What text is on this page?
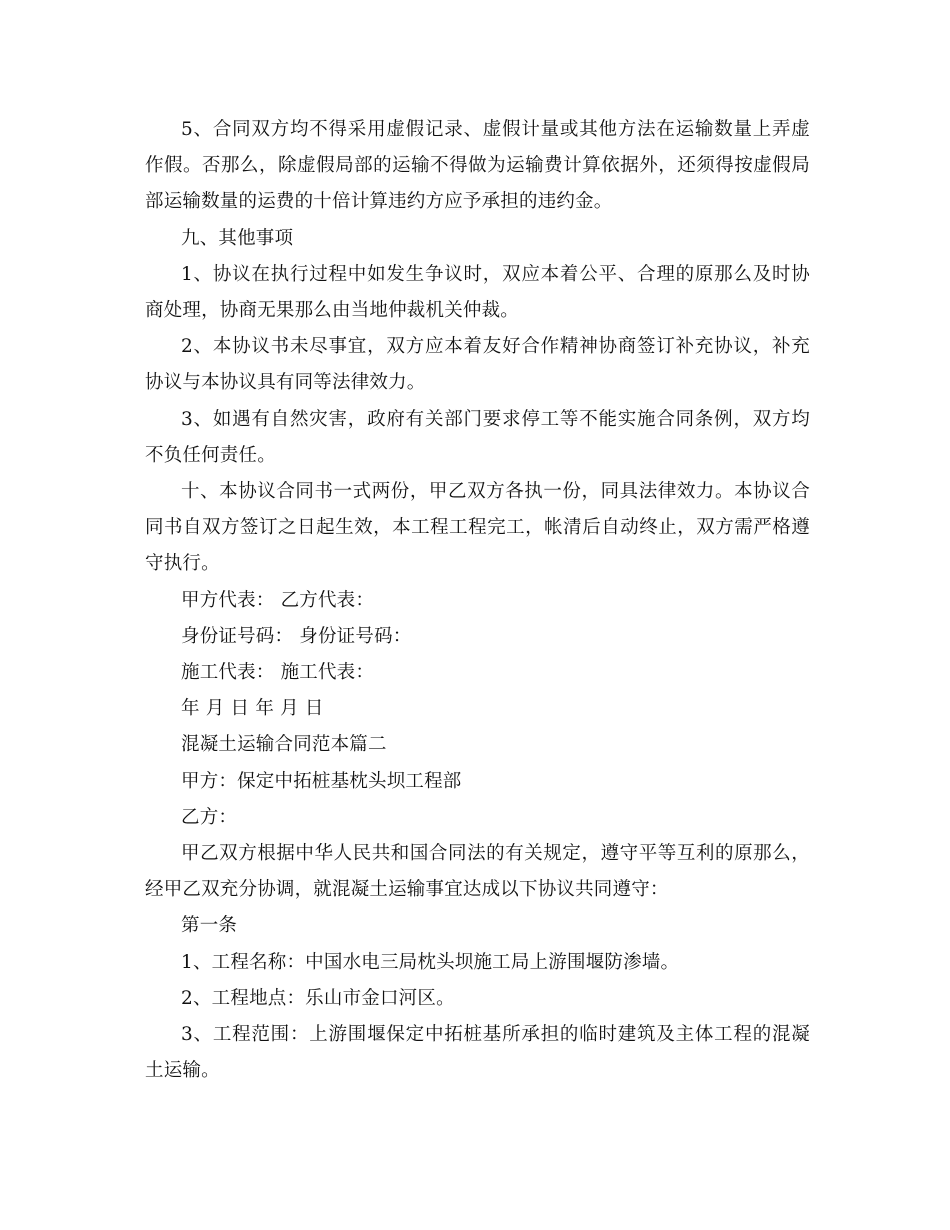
5、合同双方均不得采用虚假记录、虚假计量或其他方法在运输数量上弄虚作假。否那么，除虚假局部的运输不得做为运输费计算依据外，还须得按虚假局部运输数量的运费的十倍计算违约方应予承担的违约金。

九、其他事项

1、协议在执行过程中如发生争议时，双应本着公平、合理的原那么及时协商处理，协商无果那么由当地仲裁机关仲裁。

2、本协议书未尽事宜，双方应本着友好合作精神协商签订补充协议，补充协议与本协议具有同等法律效力。

3、如遇有自然灾害，政府有关部门要求停工等不能实施合同条例，双方均不负任何责任。

十、本协议合同书一式两份，甲乙双方各执一份，同具法律效力。本协议合同书自双方签订之日起生效，本工程工程完工，帐清后自动终止，双方需严格遵守执行。

甲方代表： 乙方代表：

身份证号码： 身份证号码：

施工代表： 施工代表：

年 月 日 年 月 日

混凝土运输合同范本篇二

甲方：保定中拓桩基枕头坝工程部

乙方：

甲乙双方根据中华人民共和国合同法的有关规定，遵守平等互利的原那么，经甲乙双充分协调，就混凝土运输事宜达成以下协议共同遵守：

第一条

1、工程名称：中国水电三局枕头坝施工局上游围堰防渗墙。

2、工程地点：乐山市金口河区。

3、工程范围：上游围堰保定中拓桩基所承担的临时建筑及主体工程的混凝土运输。
